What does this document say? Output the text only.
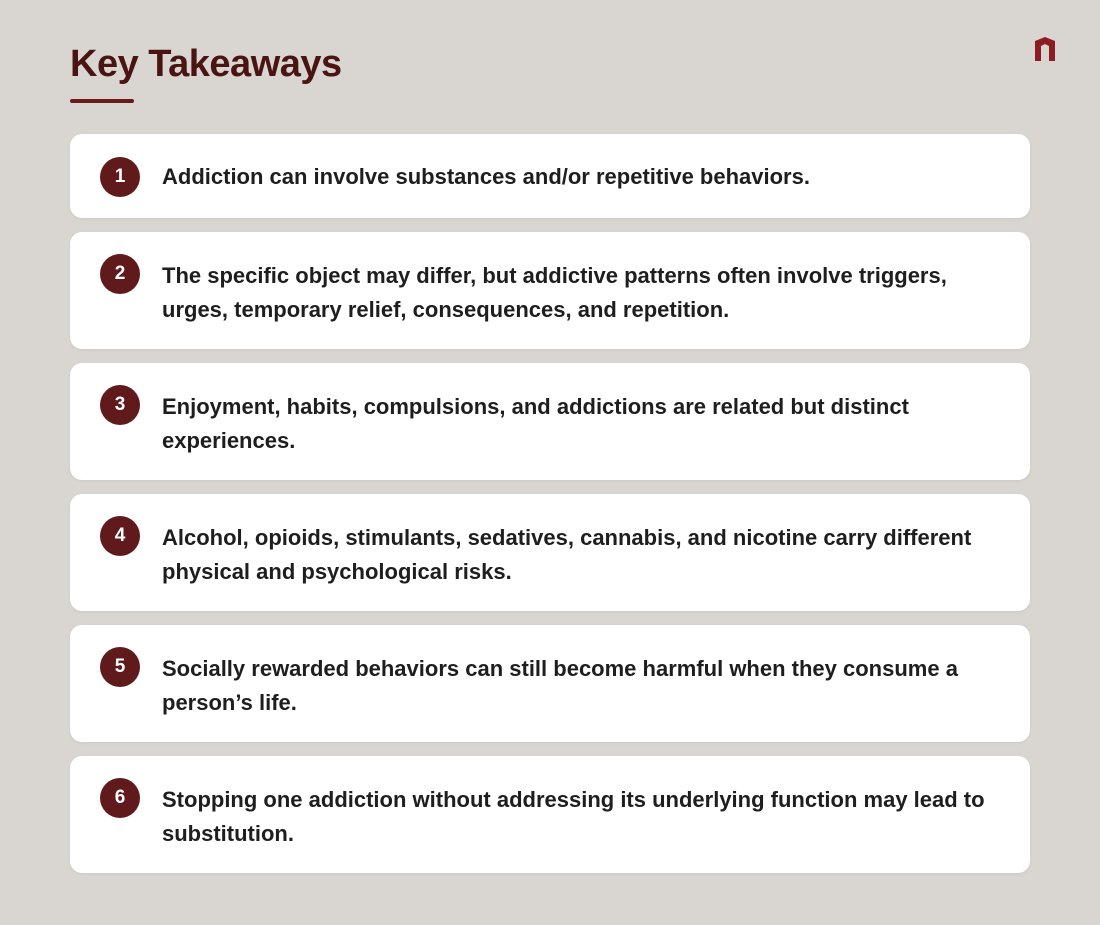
Key Takeaways
1	Addiction can involve substances and/or repetitive behaviors.

2	The specific object may differ, but addictive patterns often involve triggers, urges, temporary relief, consequences, and repetition.

3	Enjoyment, habits, compulsions, and addictions are related but distinct experiences.

4	Alcohol, opioids, stimulants, sedatives, cannabis, and nicotine carry different physical and psychological risks.

5	Socially rewarded behaviors can still become harmful when they consume a person’s life.

6	Stopping one addiction without addressing its underlying function may lead to substitution.
